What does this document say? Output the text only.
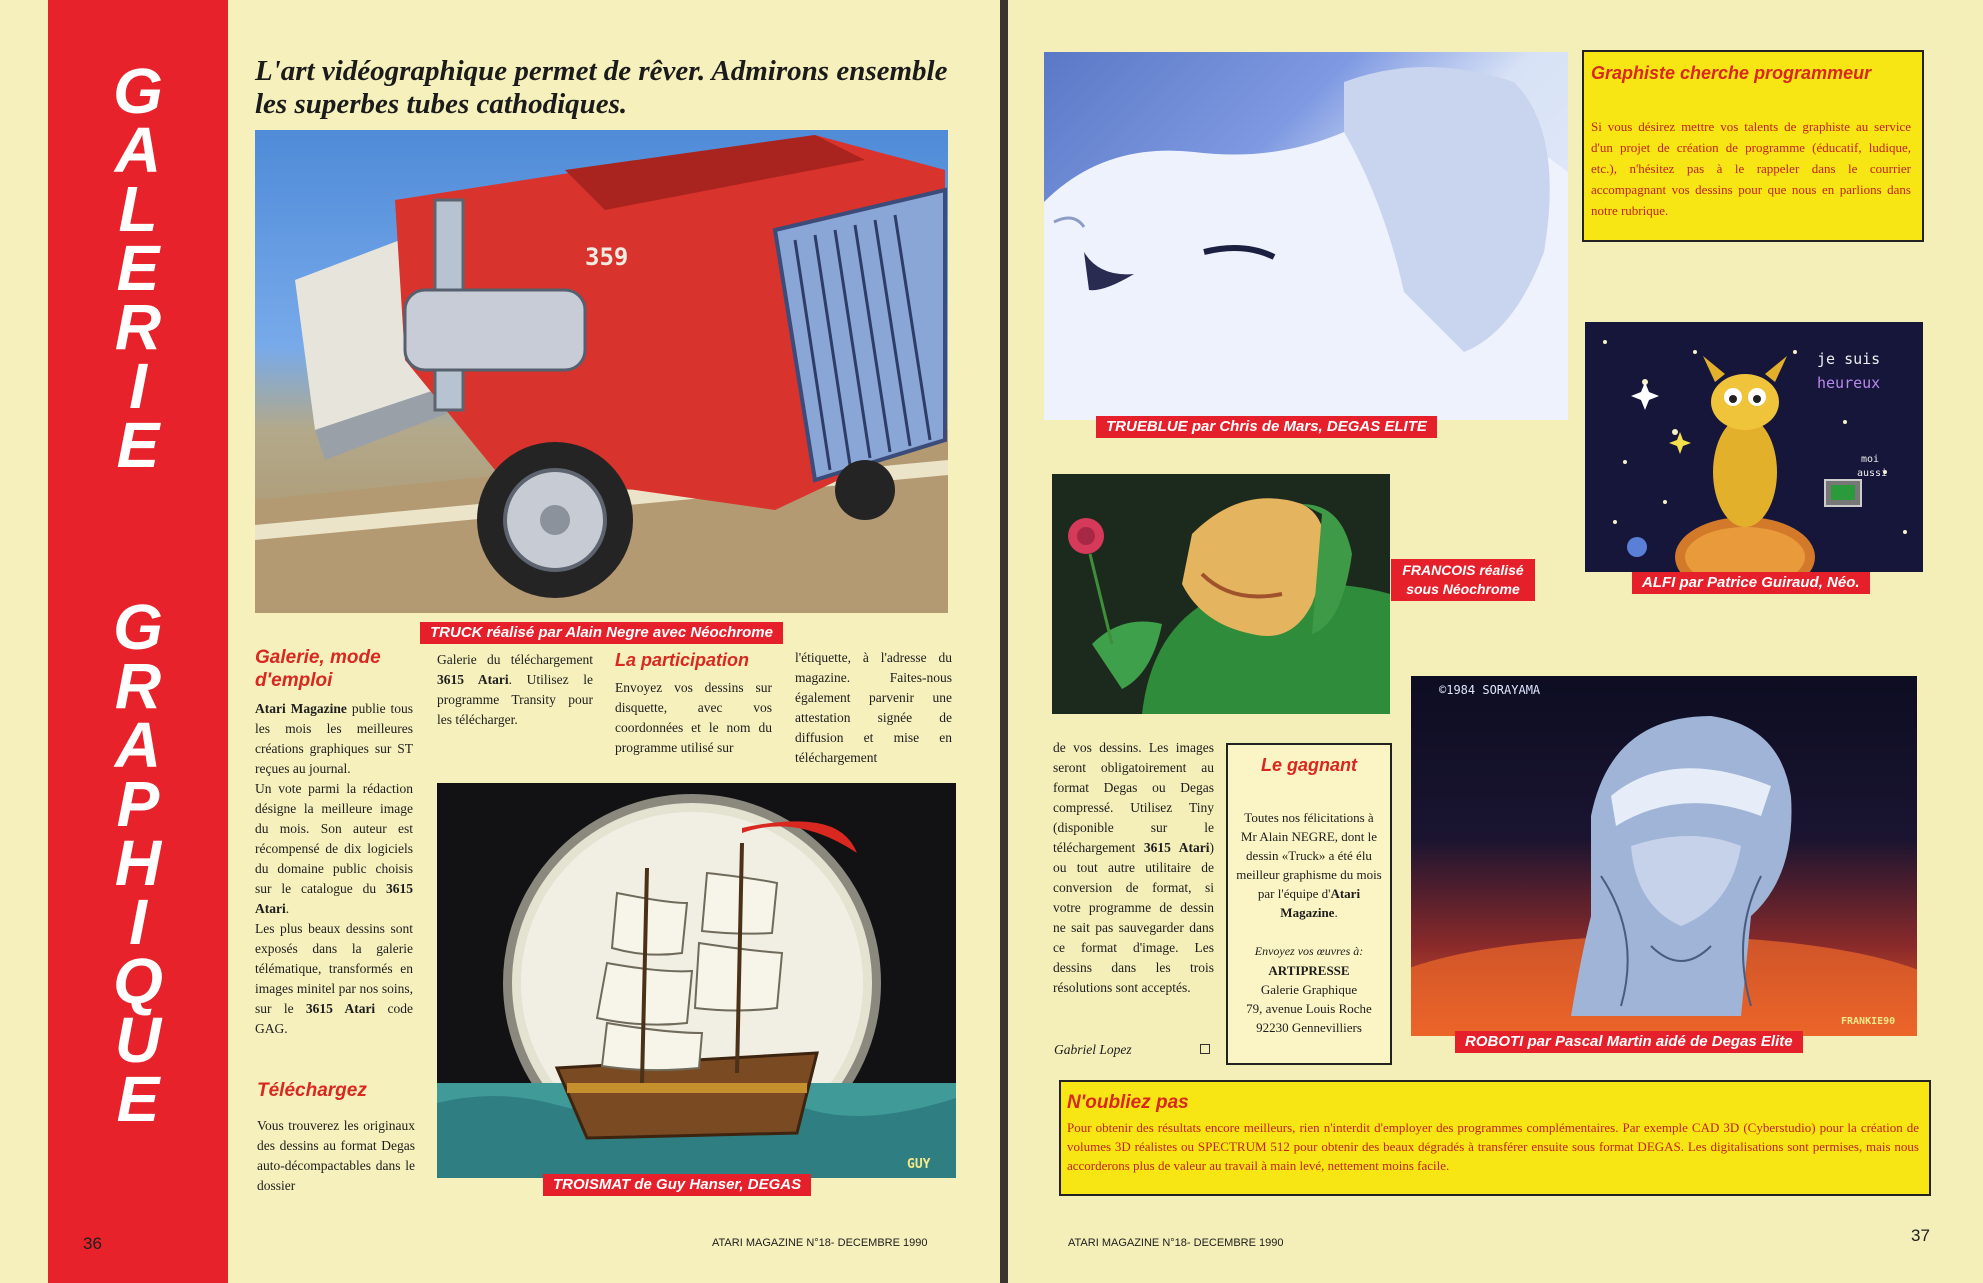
G
A
L
E
R
I
E
G
R
A
P
H
I
Q
U
E
L'art vidéographique permet de rêver. Admirons ensemble les superbes tubes cathodiques.
359
TRUCK réalisé par Alain Negre avec Néochrome
Galerie, mode d'emploi

Atari Magazine publie tous les mois les meilleures créations graphiques sur ST reçues au journal.

Un vote parmi la rédaction désigne la meilleure image du mois. Son auteur est récompensé de dix logiciels du domaine public choisis sur le catalogue du 3615 Atari.

Les plus beaux dessins sont exposés dans la galerie télématique, transformés en images minitel par nos soins, sur le 3615 Atari code GAG.

Téléchargez
Vous trouverez les originaux des dessins au format Degas auto-décompactables dans le dossier
Galerie du téléchargement 3615 Atari. Utilisez le programme Transity pour les télécharger.
La participation
Envoyez vos dessins sur disquette, avec vos coordonnées et le nom du programme utilisé sur
l'étiquette, à l'adresse du magazine. Faites-nous également parvenir une attestation signée de diffusion et mise en téléchargement
GUY
TROISMAT de Guy Hanser, DEGAS
36	ATARI MAGAZINE N°18- DECEMBRE 1990
TRUEBLUE par Chris de Mars, DEGAS ELITE
Graphiste cherche programmeur
Si vous désirez mettre vos talents de graphiste au service d'un projet de création de programme (éducatif, ludique, etc.), n'hésitez pas à le rappeler dans le courrier accompagnant vos dessins pour que nous en parlions dans notre rubrique.
je suis
heureux
moi
aussi
ALFI par Patrice Guiraud, Néo.
FRANCOIS réalisé sous Néochrome
de vos dessins. Les images seront obligatoirement au format Degas ou Degas compressé. Utilisez Tiny (disponible sur le téléchargement 3615 Atari) ou tout autre utilitaire de conversion de format, si votre programme de dessin ne sait pas sauvegarder dans ce format d'image. Les dessins dans les trois résolutions sont acceptés.
Gabriel Lopez
Le gagnant
Toutes nos félicitations à Mr Alain NEGRE, dont le dessin «Truck» a été élu meilleur graphisme du mois par l'équipe d'Atari Magazine.
Envoyez vos œuvres à:
ARTIPRESSE
Galerie Graphique
79, avenue Louis Roche
92230 Gennevilliers
©1984 SORAYAMA
FRANKIE90
ROBOTI par Pascal Martin aidé de Degas Elite
N'oubliez pas
Pour obtenir des résultats encore meilleurs, rien n'interdit d'employer des programmes complémentaires. Par exemple CAD 3D (Cyberstudio) pour la création de volumes 3D réalistes ou SPECTRUM 512 pour obtenir des beaux dégradés à transférer ensuite sous format DEGAS. Les digitalisations sont permises, mais nous accorderons plus de valeur au travail à main levé, nettement moins facile.
ATARI MAGAZINE N°18- DECEMBRE 1990	37
